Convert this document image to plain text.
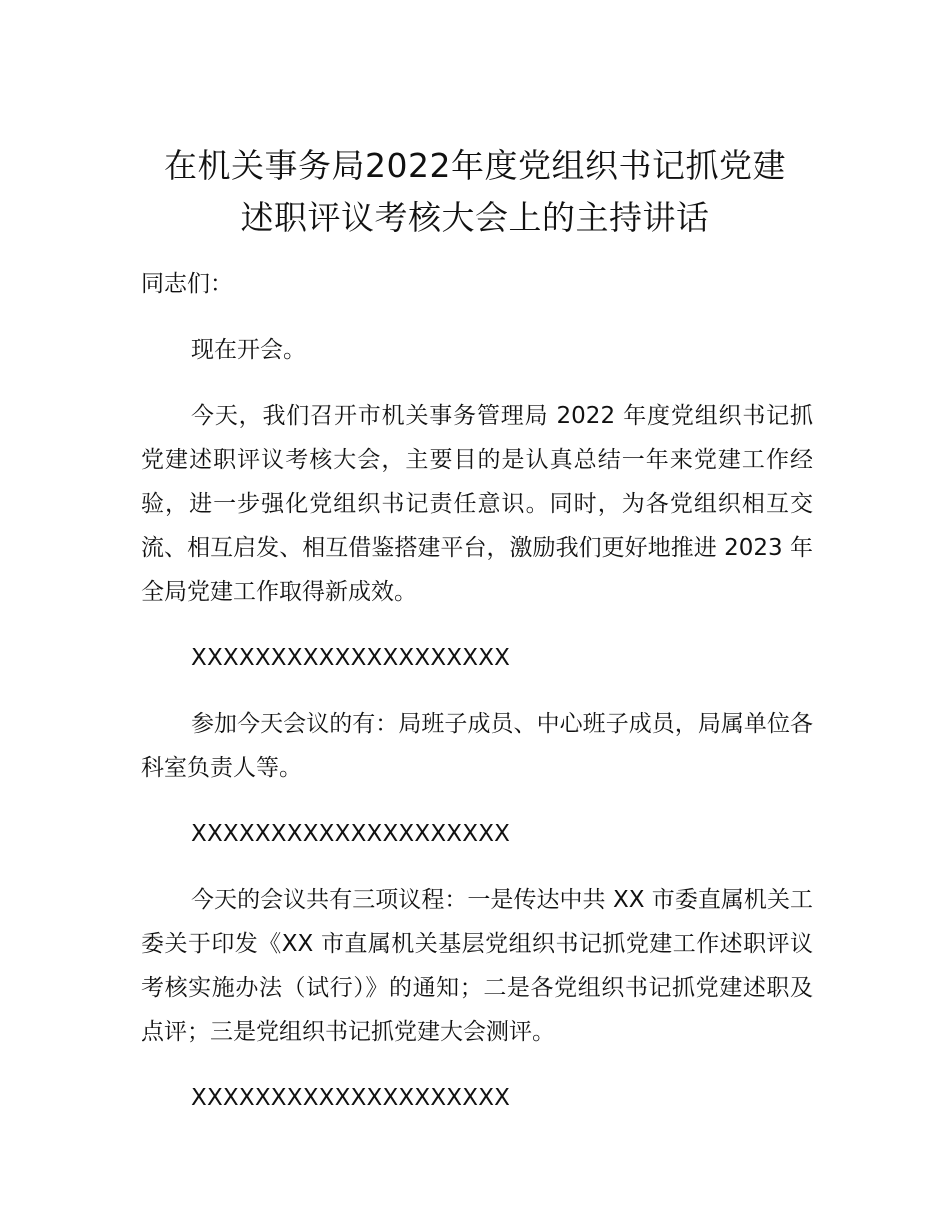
在机关事务局2022年度党组织书记抓党建
述职评议考核大会上的主持讲话

同志们：

现在开会。

今天，我们召开市机关事务管理局 2022 年度党组织书记抓党建述职评议考核大会，主要目的是认真总结一年来党建工作经验，进一步强化党组织书记责任意识。同时，为各党组织相互交流、相互启发、相互借鉴搭建平台，激励我们更好地推进 2023 年全局党建工作取得新成效。

XXXXXXXXXXXXXXXXXXXX

参加今天会议的有：局班子成员、中心班子成员，局属单位各科室负责人等。

XXXXXXXXXXXXXXXXXXXX

今天的会议共有三项议程：一是传达中共 XX 市委直属机关工委关于印发《XX 市直属机关基层党组织书记抓党建工作述职评议考核实施办法（试行）》的通知；二是各党组织书记抓党建述职及点评；三是党组织书记抓党建大会测评。

XXXXXXXXXXXXXXXXXXXX
